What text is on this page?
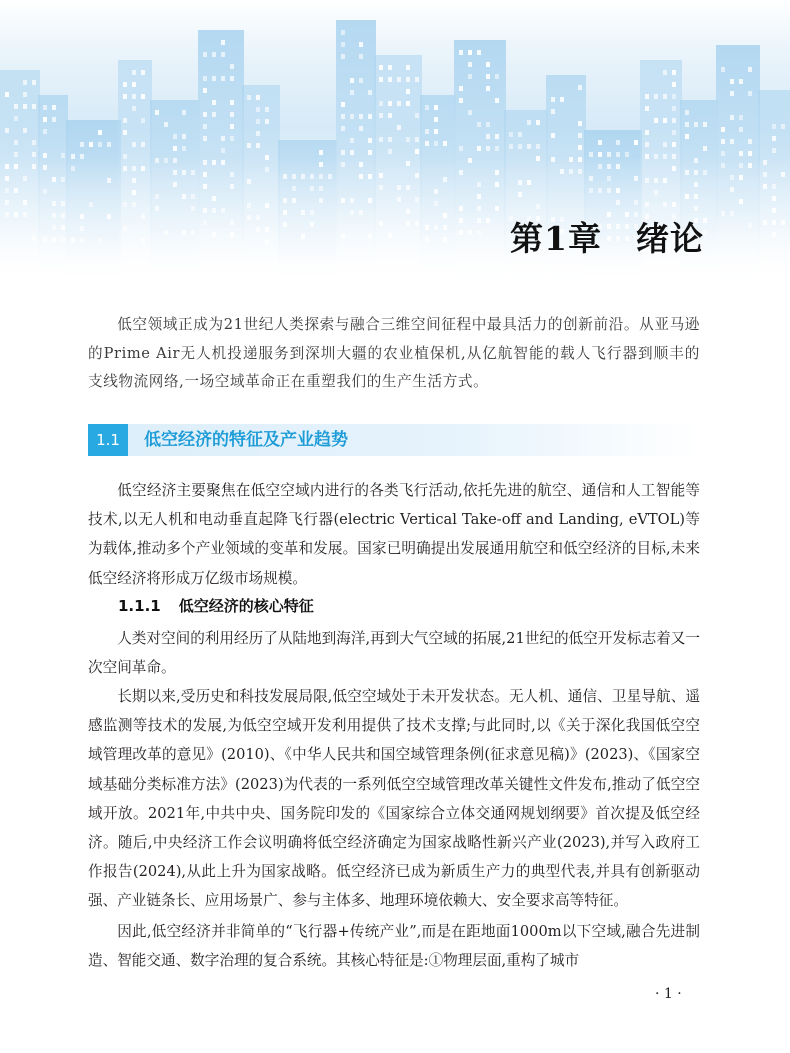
第1章 绪论

低空领域正成为21世纪人类探索与融合三维空间征程中最具活力的创新前沿。从亚马逊的Prime Air无人机投递服务到深圳大疆的农业植保机,从亿航智能的载人飞行器到顺丰的支线物流网络,一场空域革命正在重塑我们的生产生活方式。

1.1	低空经济的特征及产业趋势

低空经济主要聚焦在低空空域内进行的各类飞行活动,依托先进的航空、通信和人工智能等技术,以无人机和电动垂直起降飞行器(electric Vertical Take-off and Landing, eVTOL)等为载体,推动多个产业领域的变革和发展。国家已明确提出发展通用航空和低空经济的目标,未来低空经济将形成万亿级市场规模。

1.1.1 低空经济的核心特征

人类对空间的利用经历了从陆地到海洋,再到大气空域的拓展,21世纪的低空开发标志着又一次空间革命。

长期以来,受历史和科技发展局限,低空空域处于未开发状态。无人机、通信、卫星导航、遥感监测等技术的发展,为低空空域开发利用提供了技术支撑;与此同时,以《关于深化我国低空空域管理改革的意见》(2010)、《中华人民共和国空域管理条例(征求意见稿)》(2023)、《国家空域基础分类标准方法》(2023)为代表的一系列低空空域管理改革关键性文件发布,推动了低空空域开放。2021年,中共中央、国务院印发的《国家综合立体交通网规划纲要》首次提及低空经济。随后,中央经济工作会议明确将低空经济确定为国家战略性新兴产业(2023),并写入政府工作报告(2024),从此上升为国家战略。低空经济已成为新质生产力的典型代表,并具有创新驱动强、产业链条长、应用场景广、参与主体多、地理环境依赖大、安全要求高等特征。

因此,低空经济并非简单的“飞行器+传统产业”,而是在距地面1000m以下空域,融合先进制造、智能交通、数字治理的复合系统。其核心特征是:①物理层面,重构了城市

· 1 ·
